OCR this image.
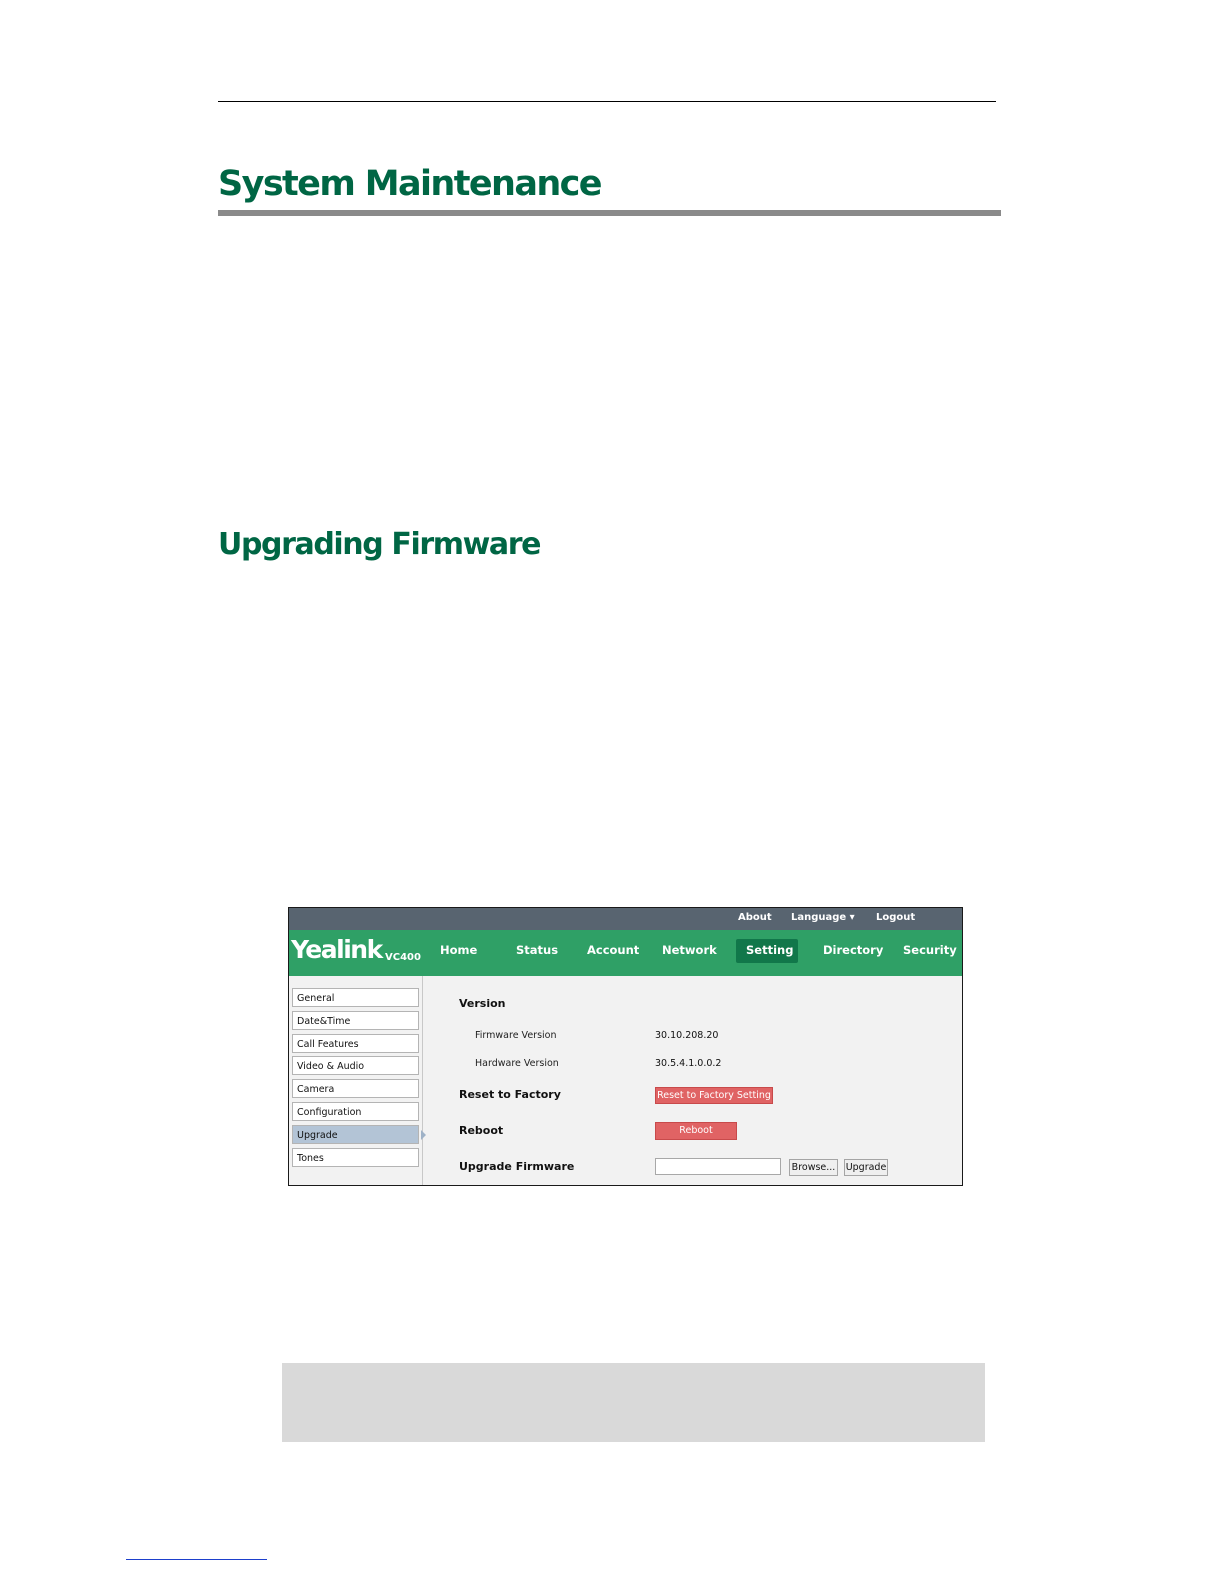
System Maintenance
Upgrading Firmware
About Language ▾ Logout
Yealink VC400
Home	Status	Account Network	Setting	Directory Security
General
Date&Time
Call Features
Video & Audio
Camera
Configuration
Upgrade
Tones
Version
Firmware Version	30.10.208.20
Hardware Version	30.5.4.1.0.0.2
Reset to Factory	Reset to Factory Setting
Reboot	Reboot
Upgrade Firmware	Browse... Upgrade
